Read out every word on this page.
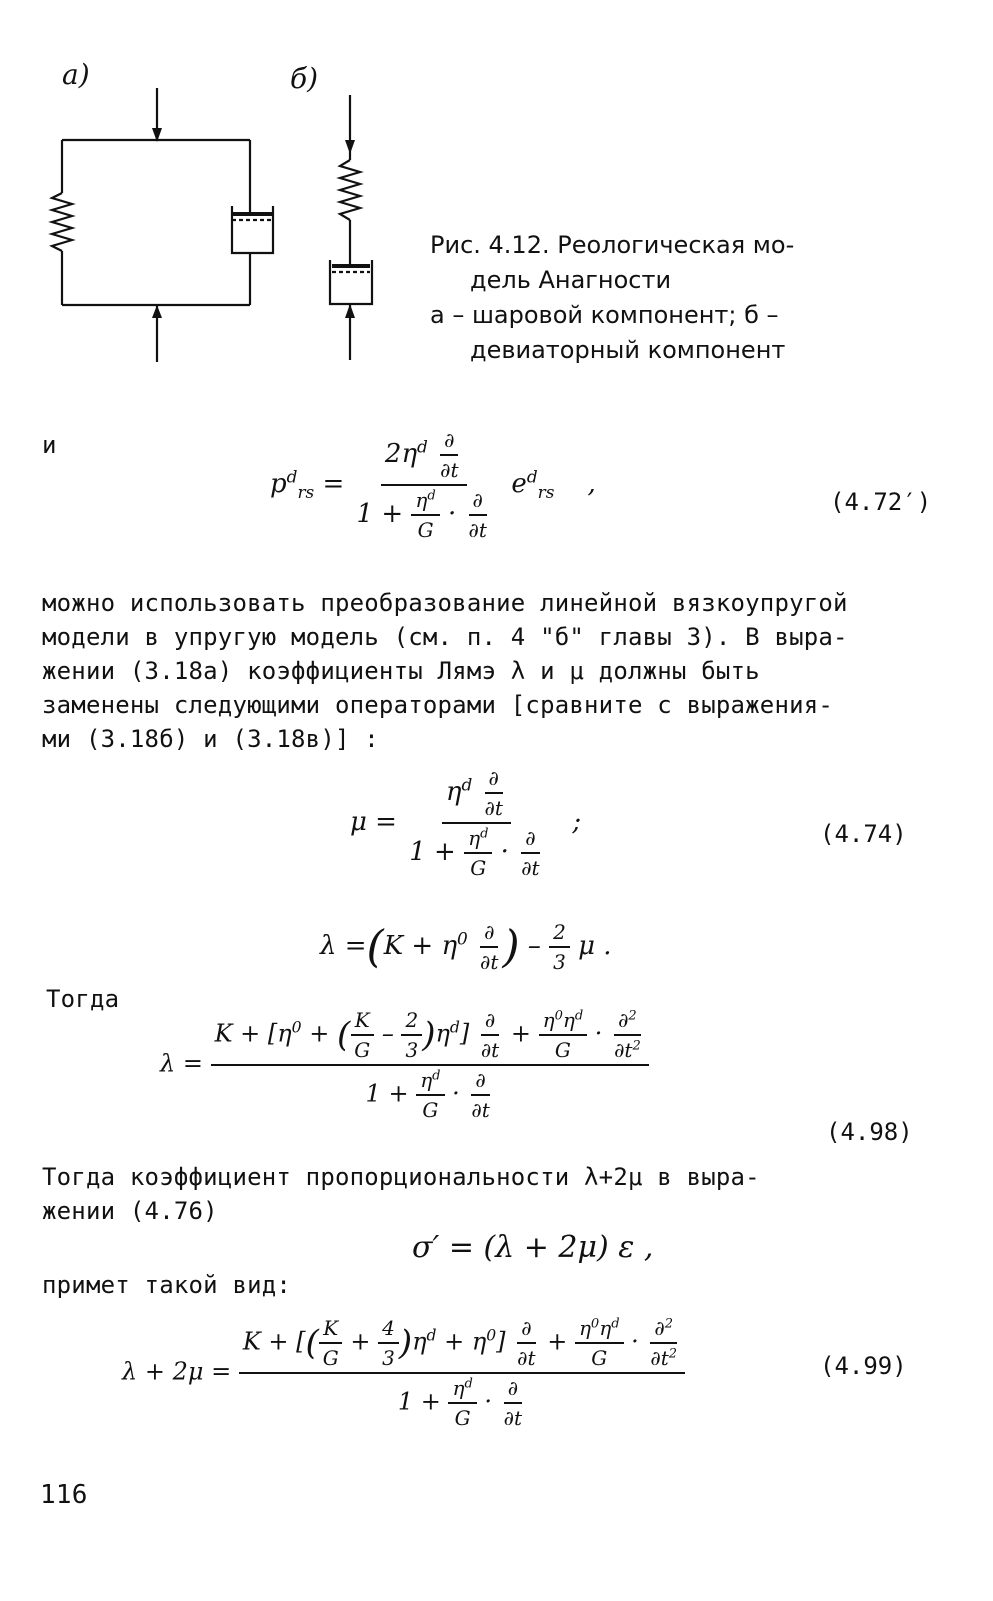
а)	б)
Рис. 4.12. Реологическая мо-
дель Анагности
а – шаровой компонент; б –
девиаторный компонент
и
$p^d_{rs} = \frac{2\eta^d \frac{\partial}{\partial t}}{1 + \frac{\eta^d}{G} \cdot \frac{\partial}{\partial t}} e^d_{rs}$    ,
(4.72′)
можно использовать преобразование линейной вязкоупругой
модели в упругую модель (см. п. 4 "б" главы 3). В выра-
жении (3.18а) коэффициенты Лямэ λ и μ должны быть
заменены следующими операторами [сравните с выражения-
ми (3.18б) и (3.18в)] :
$\mu = \frac{\eta^d \frac{\partial}{\partial t}}{1 + \frac{\eta^d}{G} \cdot \frac{\partial}{\partial t}}$ ;	(4.74)
$\lambda =(K + \eta^0 \frac{\partial}{\partial t}$ ) – $\frac{2}{3}$ μ .
Тогда
$\lambda = \frac{K + [\eta^0 + ( \frac{K}{G} - \frac{2}{3} )\eta^d] \frac{\partial}{\partial t} + \frac{\eta^0\eta^d}{G} \cdot \frac{\partial^2}{\partial t^2}}{1 + \frac{\eta^d}{G} \cdot \frac{\partial}{\partial t}}$
(4.98)
Тогда коэффициент пропорциональности λ+2μ в выра-
жении (4.76)
σ′ = (λ + 2μ) ε ,
примет такой вид:
$\lambda + 2\mu = \frac{K + [( \frac{K}{G} + \frac{4}{3} )\eta^d + \eta^0] \frac{\partial}{\partial t} + \frac{\eta^0\eta^d}{G} \cdot \frac{\partial^2}{\partial t^2}}{1 + \frac{\eta^d}{G} \cdot \frac{\partial}{\partial t}}$	(4.99)
116
